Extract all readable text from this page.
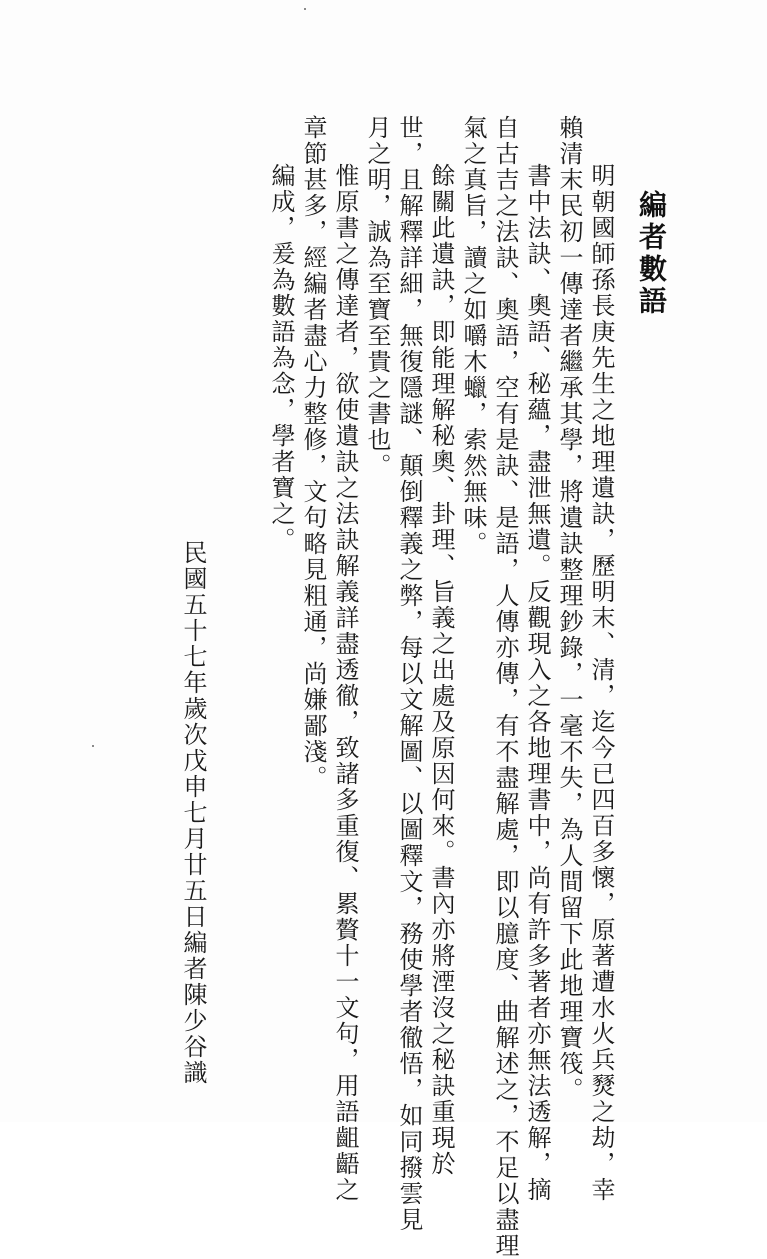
編者數語
明朝國師孫長庚先生之地理遺訣，歷明末、清，迄今已四百多懷，原著遭水火兵燹之劫，幸
賴清末民初一傳達者繼承其學，將遺訣整理鈔錄，一毫不失，為人間留下此地理寶筏。
書中法訣、奧語、秘蘊，盡泄無遺。反觀現入之各地理書中，尚有許多著者亦無法透解，摘
自古吉之法訣、奧語，空有是訣、是語，人傳亦傳，有不盡解處，即以臆度、曲解述之，不足以盡理
氣之真旨，讀之如嚼木蠟，索然無味。
餘關此遺訣，即能理解秘奧、卦理、旨義之出處及原因何來。書內亦將湮沒之秘訣重現於
世，且解釋詳細，無復隱謎、顛倒釋義之弊，每以文解圖、以圖釋文，務使學者徹悟，如同撥雲見
月之明，誠為至寶至貴之書也。
惟原書之傳達者，欲使遺訣之法訣解義詳盡透徹，致諸多重復、累贅十一文句，用語齟齬之
章節甚多，經編者盡心力整修，文句略見粗通，尚嫌鄙淺。
編成，爰為數語為念，學者寶之。
民國五十七年歲次戊申七月廿五日編者陳少谷識
